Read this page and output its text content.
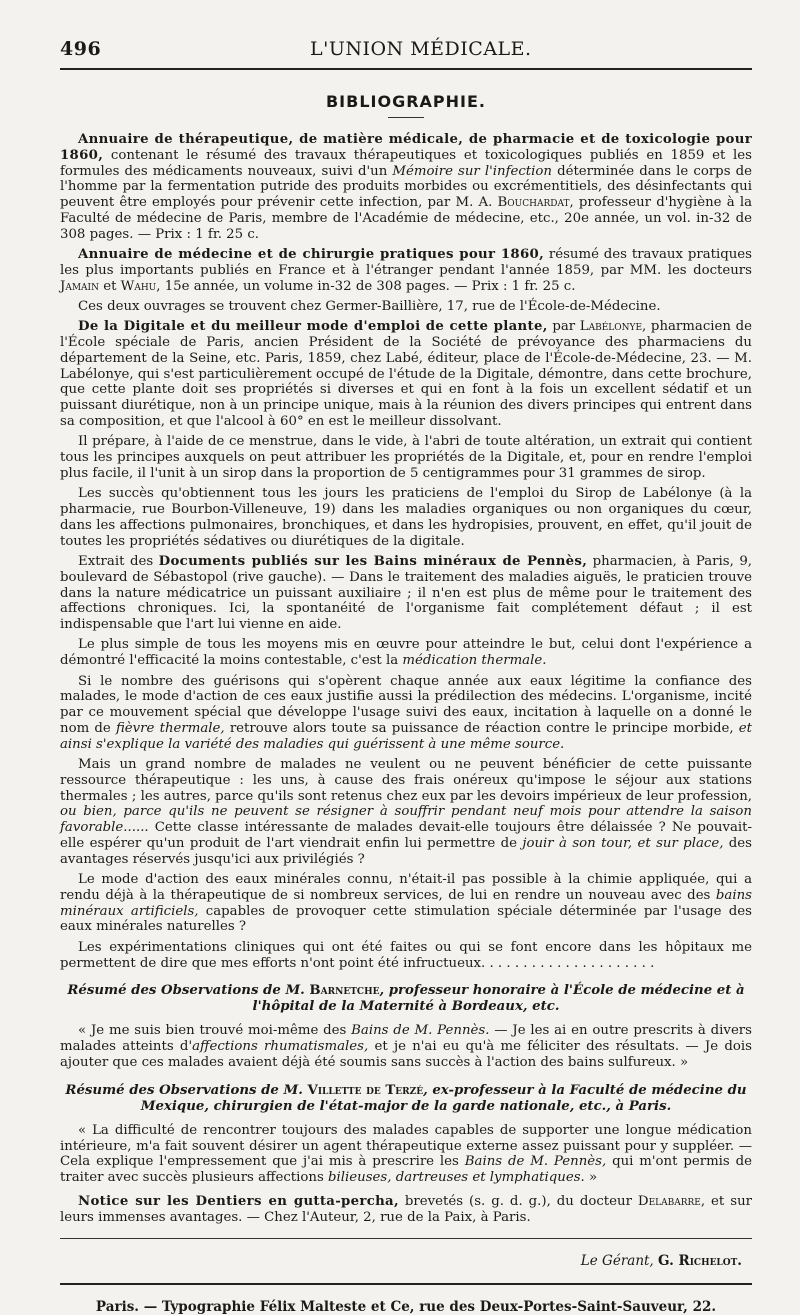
496	L'UNION MÉDICALE.
BIBLIOGRAPHIE.

Annuaire de thérapeutique, de matière médicale, de pharmacie et de toxicologie pour 1860, contenant le résumé des travaux thérapeutiques et toxicologiques publiés en 1859 et les formules des médicaments nouveaux, suivi d'un Mémoire sur l'infection déterminée dans le corps de l'homme par la fermentation putride des produits morbides ou excrémentitiels, des désinfectants qui peuvent être employés pour prévenir cette infection, par M. A. Bouchardat, professeur d'hygiène à la Faculté de médecine de Paris, membre de l'Académie de médecine, etc., 20e année, un vol. in-32 de 308 pages. — Prix : 1 fr. 25 c.

Annuaire de médecine et de chirurgie pratiques pour 1860, résumé des travaux pratiques les plus importants publiés en France et à l'étranger pendant l'année 1859, par MM. les docteurs Jamain et Wahu, 15e année, un volume in-32 de 308 pages. — Prix : 1 fr. 25 c.

Ces deux ouvrages se trouvent chez Germer-Baillière, 17, rue de l'École-de-Médecine.

De la Digitale et du meilleur mode d'emploi de cette plante, par Labélonye, pharmacien de l'École spéciale de Paris, ancien Président de la Société de prévoyance des pharmaciens du département de la Seine, etc. Paris, 1859, chez Labé, éditeur, place de l'École-de-Médecine, 23. — M. Labélonye, qui s'est particulièrement occupé de l'étude de la Digitale, démontre, dans cette brochure, que cette plante doit ses propriétés si diverses et qui en font à la fois un excellent sédatif et un puissant diurétique, non à un principe unique, mais à la réunion des divers principes qui entrent dans sa composition, et que l'alcool à 60° en est le meilleur dissolvant.

Il prépare, à l'aide de ce menstrue, dans le vide, à l'abri de toute altération, un extrait qui contient tous les principes auxquels on peut attribuer les propriétés de la Digitale, et, pour en rendre l'emploi plus facile, il l'unit à un sirop dans la proportion de 5 centigrammes pour 31 grammes de sirop.

Les succès qu'obtiennent tous les jours les praticiens de l'emploi du Sirop de Labélonye (à la pharmacie, rue Bourbon-Villeneuve, 19) dans les maladies organiques ou non organiques du cœur, dans les affections pulmonaires, bronchiques, et dans les hydropisies, prouvent, en effet, qu'il jouit de toutes les propriétés sédatives ou diurétiques de la digitale.

Extrait des Documents publiés sur les Bains minéraux de Pennès, pharmacien, à Paris, 9, boulevard de Sébastopol (rive gauche). — Dans le traitement des maladies aiguës, le praticien trouve dans la nature médicatrice un puissant auxiliaire ; il n'en est plus de même pour le traitement des affections chroniques. Ici, la spontanéité de l'organisme fait complétement défaut ; il est indispensable que l'art lui vienne en aide.

Le plus simple de tous les moyens mis en œuvre pour atteindre le but, celui dont l'expérience a démontré l'efficacité la moins contestable, c'est la médication thermale.

Si le nombre des guérisons qui s'opèrent chaque année aux eaux légitime la confiance des malades, le mode d'action de ces eaux justifie aussi la prédilection des médecins. L'organisme, incité par ce mouvement spécial que développe l'usage suivi des eaux, incitation à laquelle on a donné le nom de fièvre thermale, retrouve alors toute sa puissance de réaction contre le principe morbide, et ainsi s'explique la variété des maladies qui guérissent à une même source.

Mais un grand nombre de malades ne veulent ou ne peuvent bénéficier de cette puissante ressource thérapeutique : les uns, à cause des frais onéreux qu'impose le séjour aux stations thermales ; les autres, parce qu'ils sont retenus chez eux par les devoirs impérieux de leur profession, ou bien, parce qu'ils ne peuvent se résigner à souffrir pendant neuf mois pour attendre la saison favorable...... Cette classe intéressante de malades devait-elle toujours être délaissée ? Ne pouvait-elle espérer qu'un produit de l'art viendrait enfin lui permettre de jouir à son tour, et sur place, des avantages réservés jusqu'ici aux privilégiés ?

Le mode d'action des eaux minérales connu, n'était-il pas possible à la chimie appliquée, qui a rendu déjà à la thérapeutique de si nombreux services, de lui en rendre un nouveau avec des bains minéraux artificiels, capables de provoquer cette stimulation spéciale déterminée par l'usage des eaux minérales naturelles ?

Les expérimentations cliniques qui ont été faites ou qui se font encore dans les hôpitaux me permettent de dire que mes efforts n'ont point été infructueux. . . . . . . . . . . . . . . . . . . . .

Résumé des Observations de M. Barnetche, professeur honoraire à l'École de médecine et à l'hôpital de la Maternité à Bordeaux, etc.

« Je me suis bien trouvé moi-même des Bains de M. Pennès. — Je les ai en outre prescrits à divers malades atteints d'affections rhumatismales, et je n'ai eu qu'à me féliciter des résultats. — Je dois ajouter que ces malades avaient déjà été soumis sans succès à l'action des bains sulfureux. »

Résumé des Observations de M. Villette de Terzé, ex-professeur à la Faculté de médecine du Mexique, chirurgien de l'état-major de la garde nationale, etc., à Paris.

« La difficulté de rencontrer toujours des malades capables de supporter une longue médication intérieure, m'a fait souvent désirer un agent thérapeutique externe assez puissant pour y suppléer. — Cela explique l'empressement que j'ai mis à prescrire les Bains de M. Pennès, qui m'ont permis de traiter avec succès plusieurs affections bilieuses, dartreuses et lymphatiques. »

Notice sur les Dentiers en gutta-percha, brevetés (s. g. d. g.), du docteur Delabarre, et sur leurs immenses avantages. — Chez l'Auteur, 2, rue de la Paix, à Paris.

Le Gérant, G. Richelot.
Paris. — Typographie Félix Malteste et Ce, rue des Deux-Portes-Saint-Sauveur, 22.
